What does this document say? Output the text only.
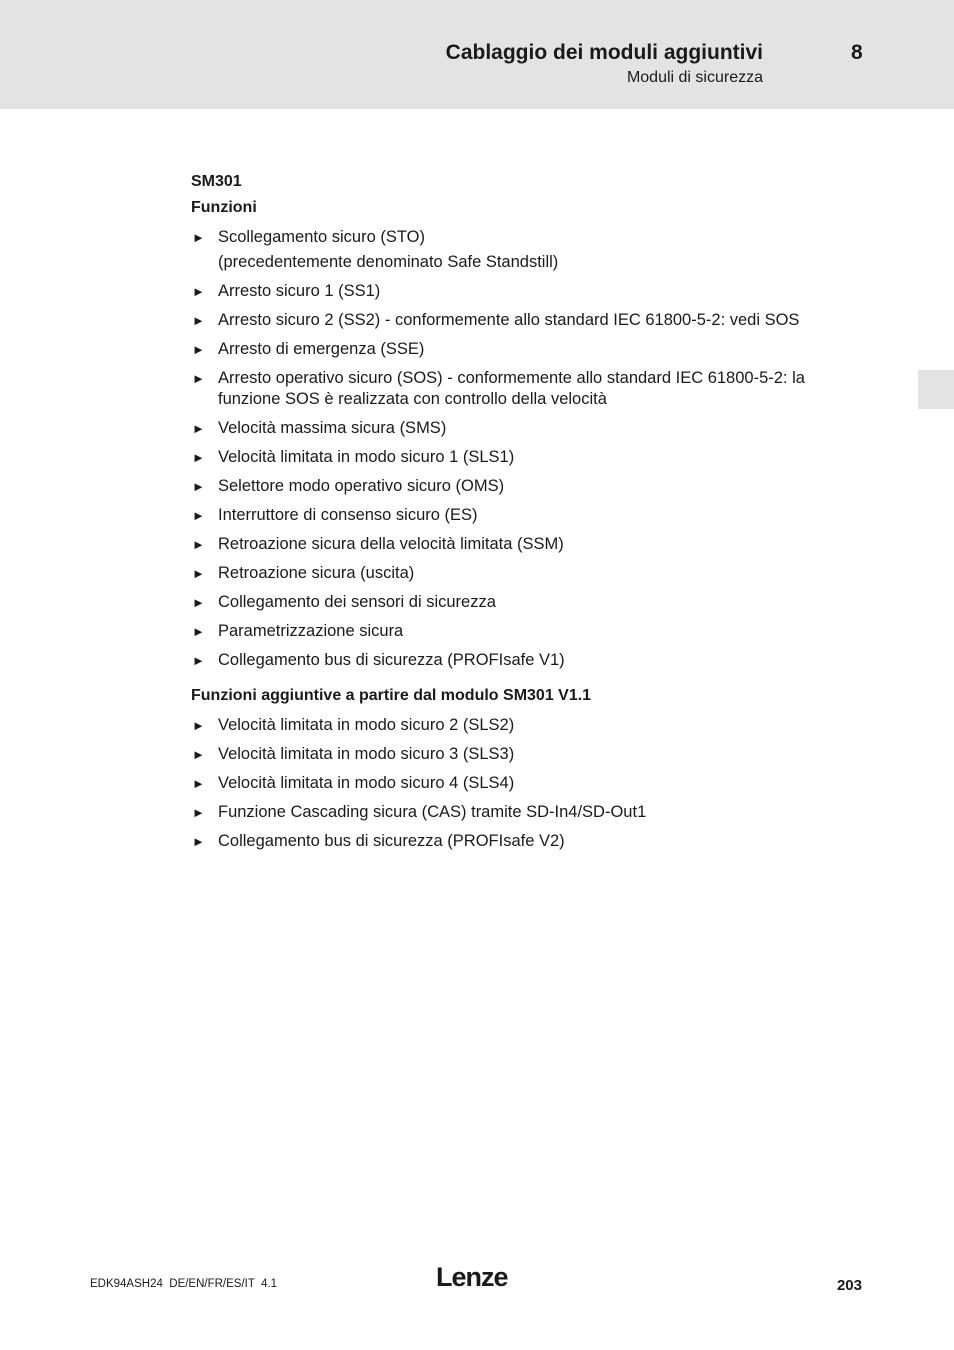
Cablaggio dei moduli aggiuntivi	8
Moduli di sicurezza
SM301
Funzioni
► Scollegamento sicuro (STO)
(precedentemente denominato Safe Standstill)
► Arresto sicuro 1 (SS1)
► Arresto sicuro 2 (SS2) - conformemente allo standard IEC 61800-5-2: vedi SOS
► Arresto di emergenza (SSE)
► Arresto operativo sicuro (SOS) - conformemente allo standard IEC 61800-5-2: la funzione SOS è realizzata con controllo della velocità
► Velocità massima sicura (SMS)
► Velocità limitata in modo sicuro 1 (SLS1)
► Selettore modo operativo sicuro (OMS)
► Interruttore di consenso sicuro (ES)
► Retroazione sicura della velocità limitata (SSM)
► Retroazione sicura (uscita)
► Collegamento dei sensori di sicurezza
► Parametrizzazione sicura
► Collegamento bus di sicurezza (PROFIsafe V1)
Funzioni aggiuntive a partire dal modulo SM301 V1.1
► Velocità limitata in modo sicuro 2 (SLS2)
► Velocità limitata in modo sicuro 3 (SLS3)
► Velocità limitata in modo sicuro 4 (SLS4)
► Funzione Cascading sicura (CAS) tramite SD-In4/SD-Out1
► Collegamento bus di sicurezza (PROFIsafe V2)
EDK94ASH24  DE/EN/FR/ES/IT  4.1	Lenze	203
